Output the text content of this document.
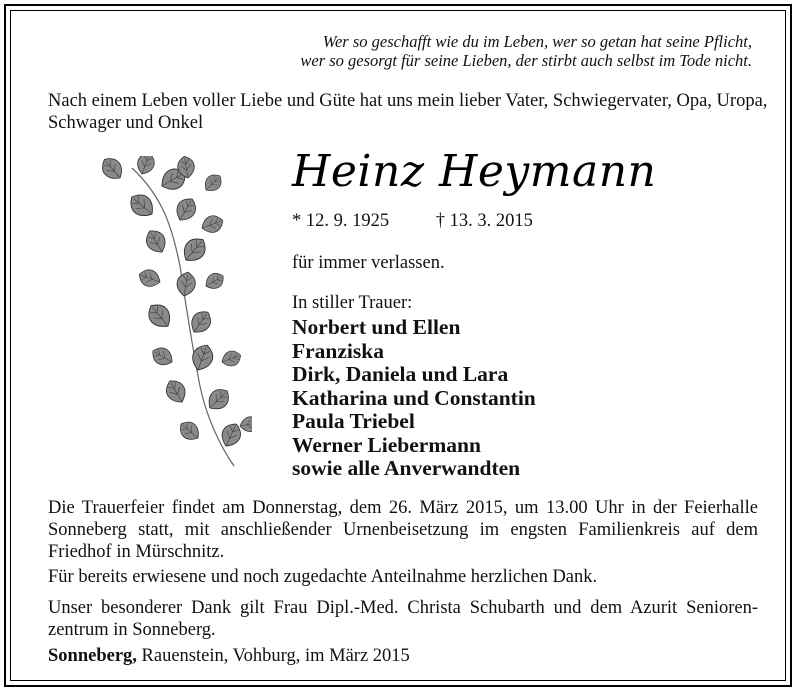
Wer so geschafft wie du im Leben, wer so getan hat seine Pflicht,
wer so gesorgt für seine Lieben, der stirbt auch selbst im Tode nicht.
Nach einem Leben voller Liebe und Güte hat uns mein lieber Vater, Schwiegervater, Opa, Uropa, Schwager und Onkel
Heinz Heymann
* 12. 9. 1925	† 13. 3. 2015
für immer verlassen.
In stiller Trauer:
Norbert und Ellen
Franziska
Dirk, Daniela und Lara
Katharina und Constantin
Paula Triebel
Werner Liebermann
sowie alle Anverwandten
Die Trauerfeier findet am Donnerstag, dem 26. März 2015, um 13.00 Uhr in der Feierhalle Sonneberg statt, mit anschließender Urnenbeisetzung im engsten Familienkreis auf dem Friedhof in Mürschnitz.
Für bereits erwiesene und noch zugedachte Anteilnahme herzlichen Dank.
Unser besonderer Dank gilt Frau Dipl.-Med. Christa Schubarth und dem Azurit Senioren-zentrum in Sonneberg.
Sonneberg, Rauenstein, Vohburg, im März 2015
